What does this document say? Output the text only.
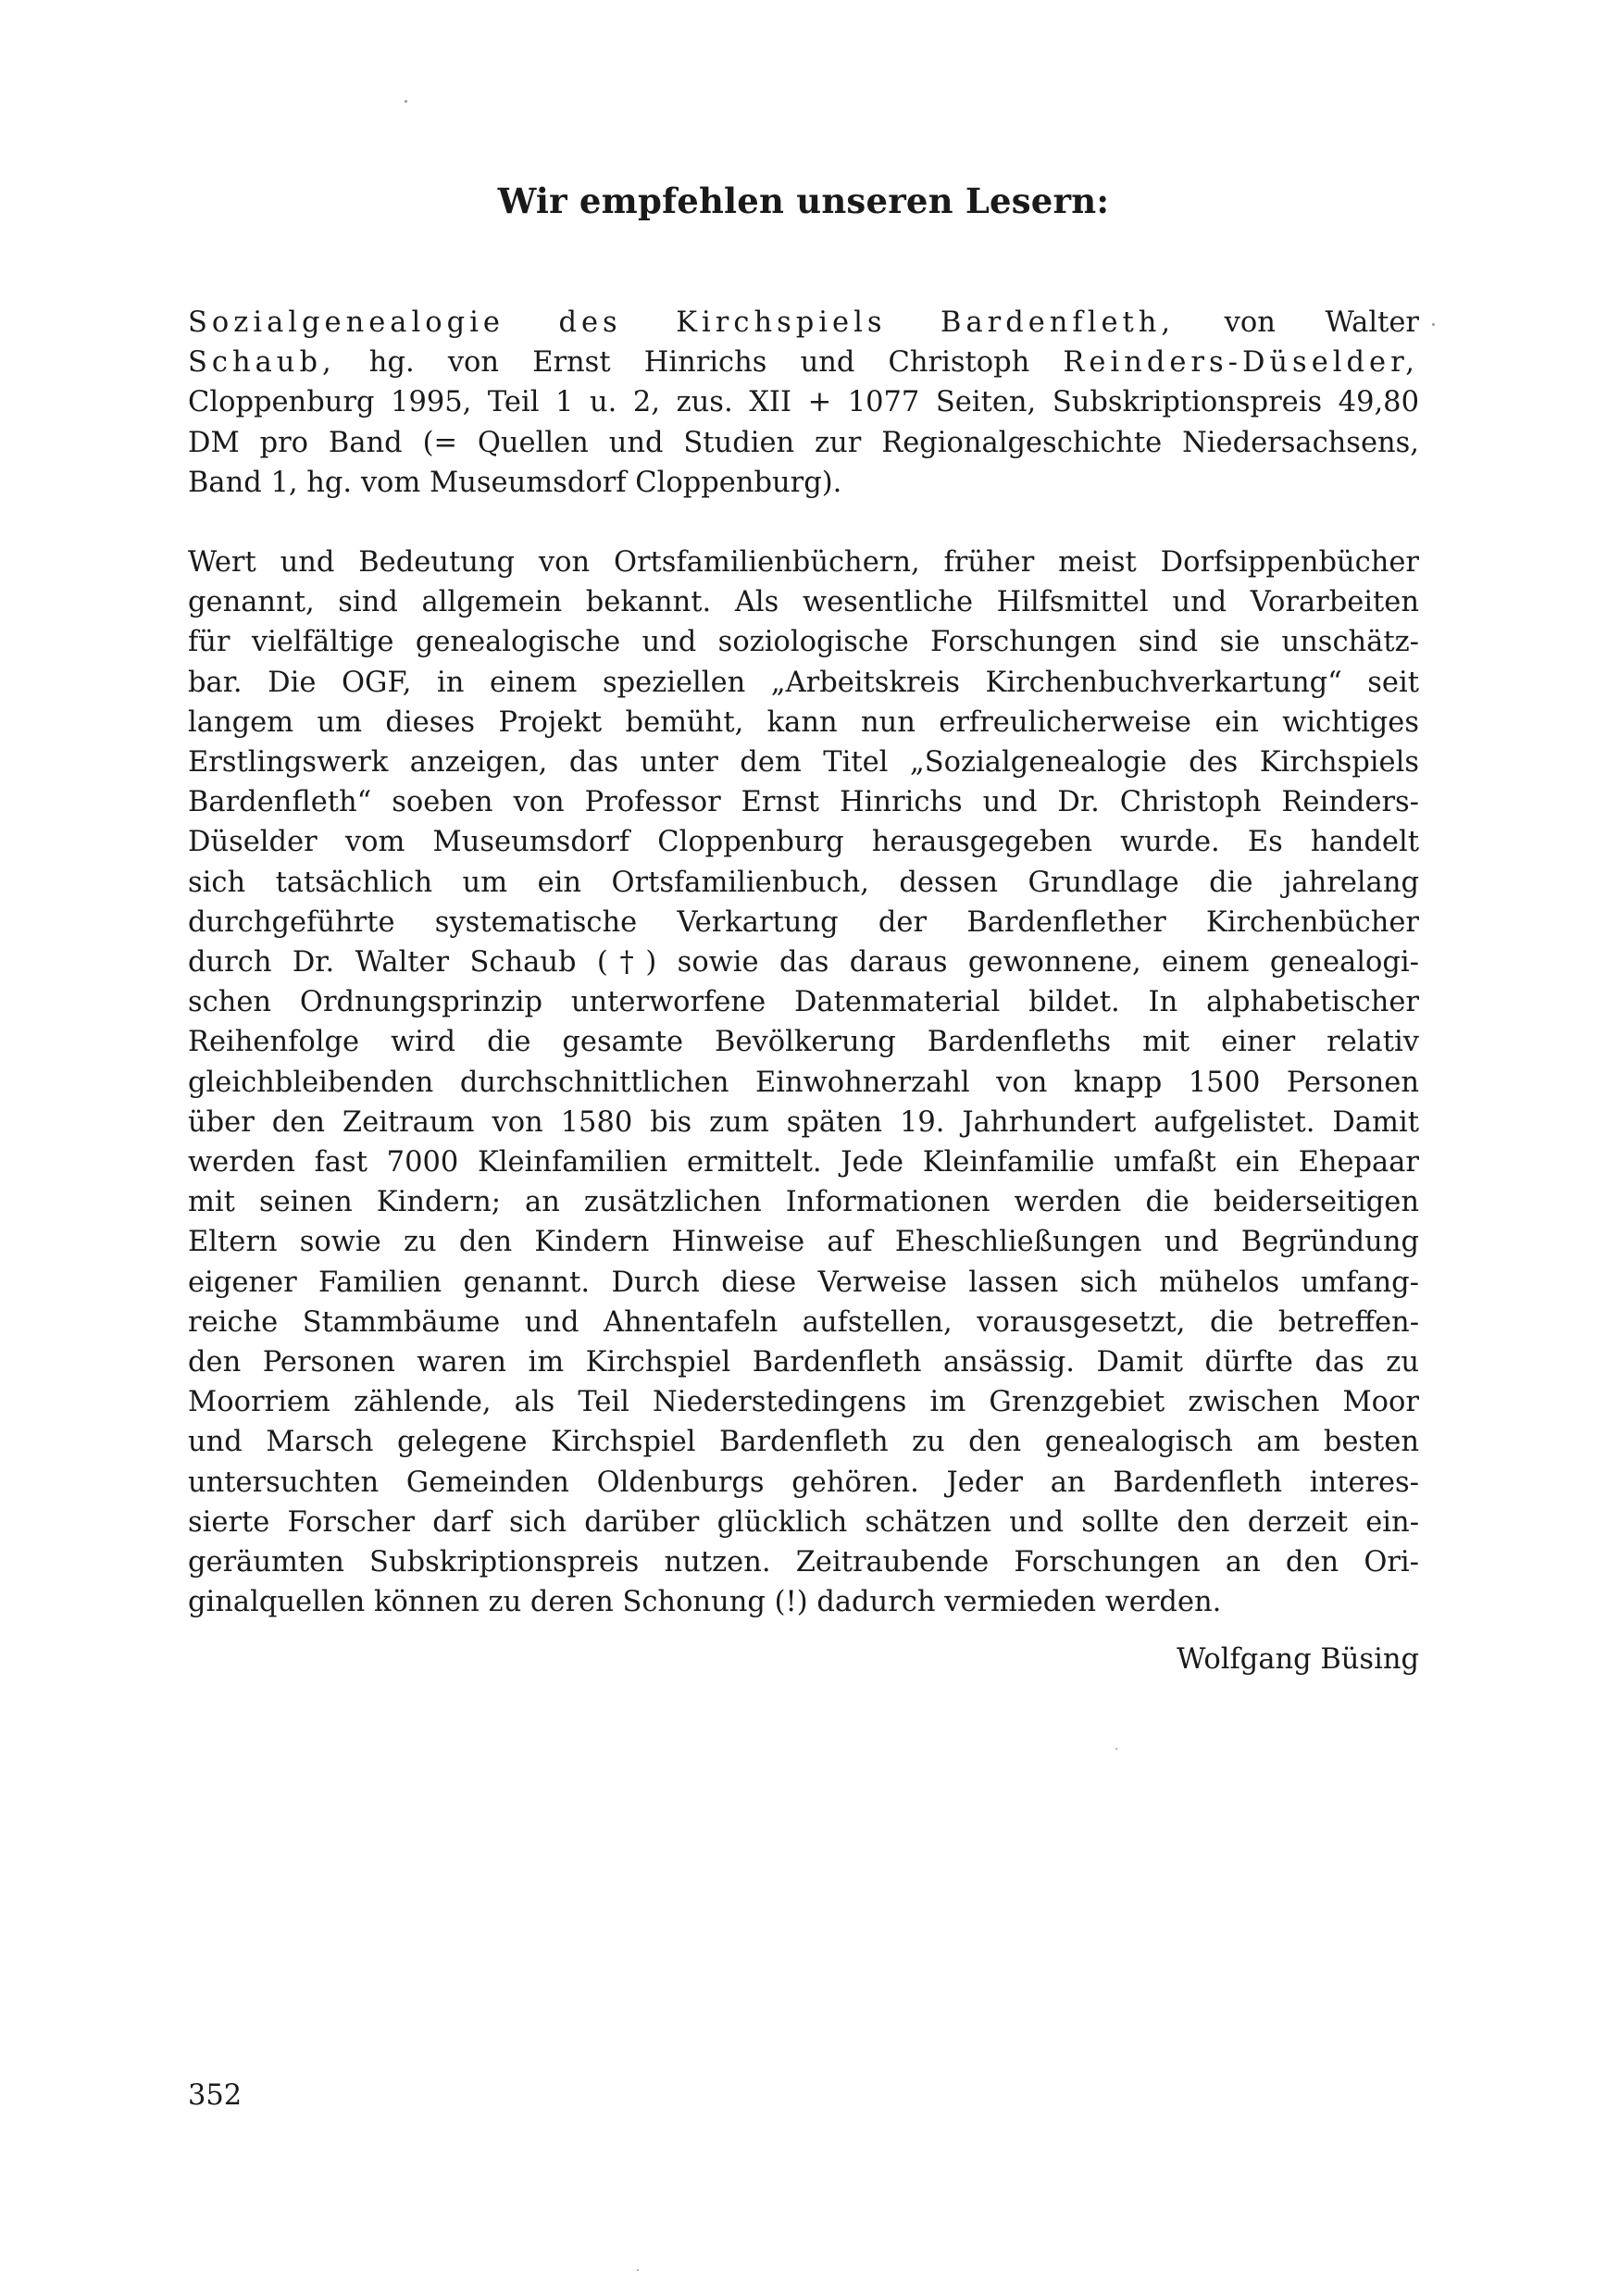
Wir empfehlen unseren Lesern:
Sozialgenealogie des Kirchspiels Bardenfleth, von Walter
Schaub, hg. von Ernst Hinrichs und Christoph Reinders-Düselder,
Cloppenburg 1995, Teil 1 u. 2, zus. XII + 1077 Seiten, Subskriptionspreis 49,80
DM pro Band (= Quellen und Studien zur Regionalgeschichte Niedersachsens,
Band 1, hg. vom Museumsdorf Cloppenburg).
Wert und Bedeutung von Ortsfamilienbüchern, früher meist Dorfsippenbücher
genannt, sind allgemein bekannt. Als wesentliche Hilfsmittel und Vorarbeiten
für vielfältige genealogische und soziologische Forschungen sind sie unschätz-
bar. Die OGF, in einem speziellen „Arbeitskreis Kirchenbuchverkartung“ seit
langem um dieses Projekt bemüht, kann nun erfreulicherweise ein wichtiges
Erstlingswerk anzeigen, das unter dem Titel „Sozialgenealogie des Kirchspiels
Bardenfleth“ soeben von Professor Ernst Hinrichs und Dr. Christoph Reinders-
Düselder vom Museumsdorf Cloppenburg herausgegeben wurde. Es handelt
sich tatsächlich um ein Ortsfamilienbuch, dessen Grundlage die jahrelang
durchgeführte systematische Verkartung der Bardenflether Kirchenbücher
durch Dr. Walter Schaub (†) sowie das daraus gewonnene, einem genealogi-
schen Ordnungsprinzip unterworfene Datenmaterial bildet. In alphabetischer
Reihenfolge wird die gesamte Bevölkerung Bardenfleths mit einer relativ
gleichbleibenden durchschnittlichen Einwohnerzahl von knapp 1500 Personen
über den Zeitraum von 1580 bis zum späten 19. Jahrhundert aufgelistet. Damit
werden fast 7000 Kleinfamilien ermittelt. Jede Kleinfamilie umfaßt ein Ehepaar
mit seinen Kindern; an zusätzlichen Informationen werden die beiderseitigen
Eltern sowie zu den Kindern Hinweise auf Eheschließungen und Begründung
eigener Familien genannt. Durch diese Verweise lassen sich mühelos umfang-
reiche Stammbäume und Ahnentafeln aufstellen, vorausgesetzt, die betreffen-
den Personen waren im Kirchspiel Bardenfleth ansässig. Damit dürfte das zu
Moorriem zählende, als Teil Niederstedingens im Grenzgebiet zwischen Moor
und Marsch gelegene Kirchspiel Bardenfleth zu den genealogisch am besten
untersuchten Gemeinden Oldenburgs gehören. Jeder an Bardenfleth interes-
sierte Forscher darf sich darüber glücklich schätzen und sollte den derzeit ein-
geräumten Subskriptionspreis nutzen. Zeitraubende Forschungen an den Ori-
ginalquellen können zu deren Schonung (!) dadurch vermieden werden.
Wolfgang Büsing
352
